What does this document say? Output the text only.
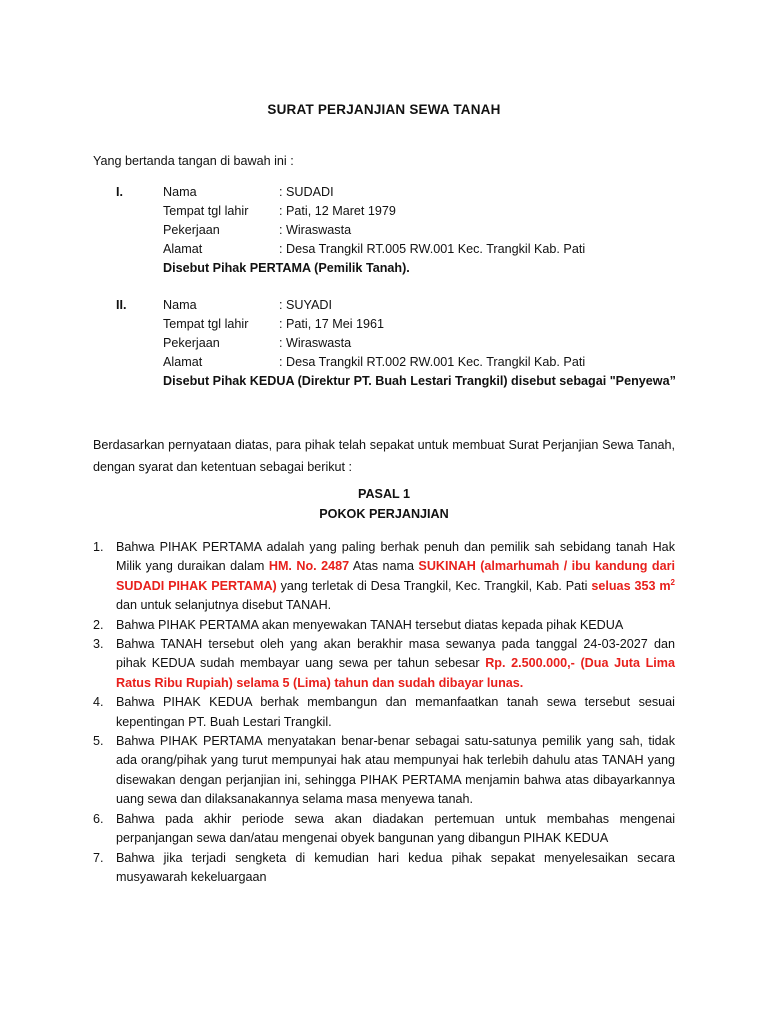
SURAT PERJANJIAN SEWA TANAH
Yang bertanda tangan di bawah ini :
I.	Nama	: SUDADI
Tempat tgl lahir : Pati, 12 Maret 1979
Pekerjaan	: Wiraswasta
Alamat	: Desa Trangkil RT.005 RW.001 Kec. Trangkil Kab. Pati
Disebut Pihak PERTAMA (Pemilik Tanah).
II.	Nama	: SUYADI
Tempat tgl lahir : Pati, 17 Mei 1961
Pekerjaan	: Wiraswasta
Alamat	: Desa Trangkil RT.002 RW.001 Kec. Trangkil Kab. Pati
Disebut Pihak KEDUA (Direktur PT. Buah Lestari Trangkil) disebut sebagai "Penyewa”
Berdasarkan pernyataan diatas, para pihak telah sepakat untuk membuat Surat Perjanjian Sewa Tanah, dengan syarat dan ketentuan sebagai berikut :
PASAL 1
POKOK PERJANJIAN
1. Bahwa PIHAK PERTAMA adalah yang paling berhak penuh dan pemilik sah sebidang tanah Hak Milik yang duraikan dalam HM. No. 2487 Atas nama SUKINAH (almarhumah / ibu kandung dari SUDADI PIHAK PERTAMA) yang terletak di Desa Trangkil, Kec. Trangkil, Kab. Pati seluas 353 $m^2$ dan untuk selanjutnya disebut TANAH.
2. Bahwa PIHAK PERTAMA akan menyewakan TANAH tersebut diatas kepada pihak KEDUA
3. Bahwa TANAH tersebut oleh yang akan berakhir masa sewanya pada tanggal 24-03-2027 dan pihak KEDUA sudah membayar uang sewa per tahun sebesar Rp. 2.500.000,- (Dua Juta Lima Ratus Ribu Rupiah) selama 5 (Lima) tahun dan sudah dibayar lunas.
4. Bahwa PIHAK KEDUA berhak membangun dan memanfaatkan tanah sewa tersebut sesuai kepentingan PT. Buah Lestari Trangkil.
5. Bahwa PIHAK PERTAMA menyatakan benar-benar sebagai satu-satunya pemilik yang sah, tidak ada orang/pihak yang turut mempunyai hak atau mempunyai hak terlebih dahulu atas TANAH yang disewakan dengan perjanjian ini, sehingga PIHAK PERTAMA menjamin bahwa atas dibayarkannya uang sewa dan dilaksanakannya selama masa menyewa tanah.
6. Bahwa pada akhir periode sewa akan diadakan pertemuan untuk membahas mengenai perpanjangan sewa dan/atau mengenai obyek bangunan yang dibangun PIHAK KEDUA
7. Bahwa jika terjadi sengketa di kemudian hari kedua pihak sepakat menyelesaikan secara musyawarah kekeluargaan
